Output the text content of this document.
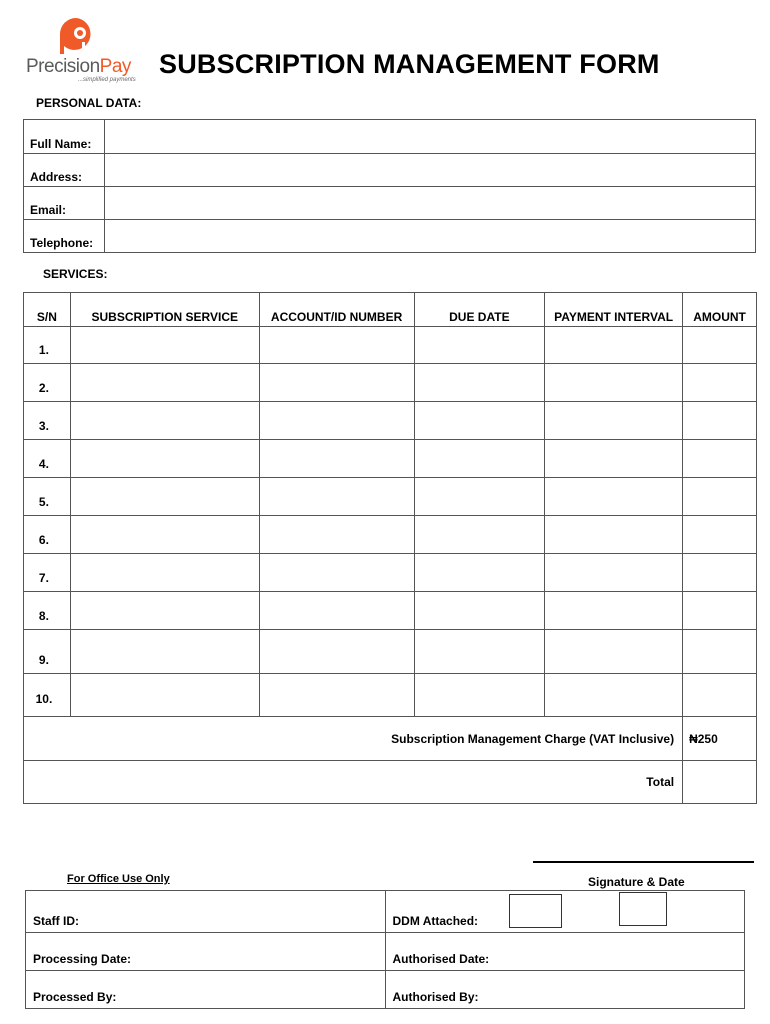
PrecisionPay
...simplified payments
SUBSCRIPTION MANAGEMENT FORM
PERSONAL DATA:
Full Name:	
Address:	
Email:	
Telephone:	
SERVICES:
S/N	SUBSCRIPTION SERVICE	ACCOUNT/ID NUMBER	DUE DATE	PAYMENT INTERVAL	AMOUNT
1.					
2.					
3.					
4.					
5.					
6.					
7.					
8.					
9.					
10.					
Subscription Management Charge (VAT Inclusive)					₦250
Total					
For Office Use Only	Signature & Date
Staff ID:	DDM Attached:
Processing Date:	Authorised Date:
Processed By:	Authorised By:
